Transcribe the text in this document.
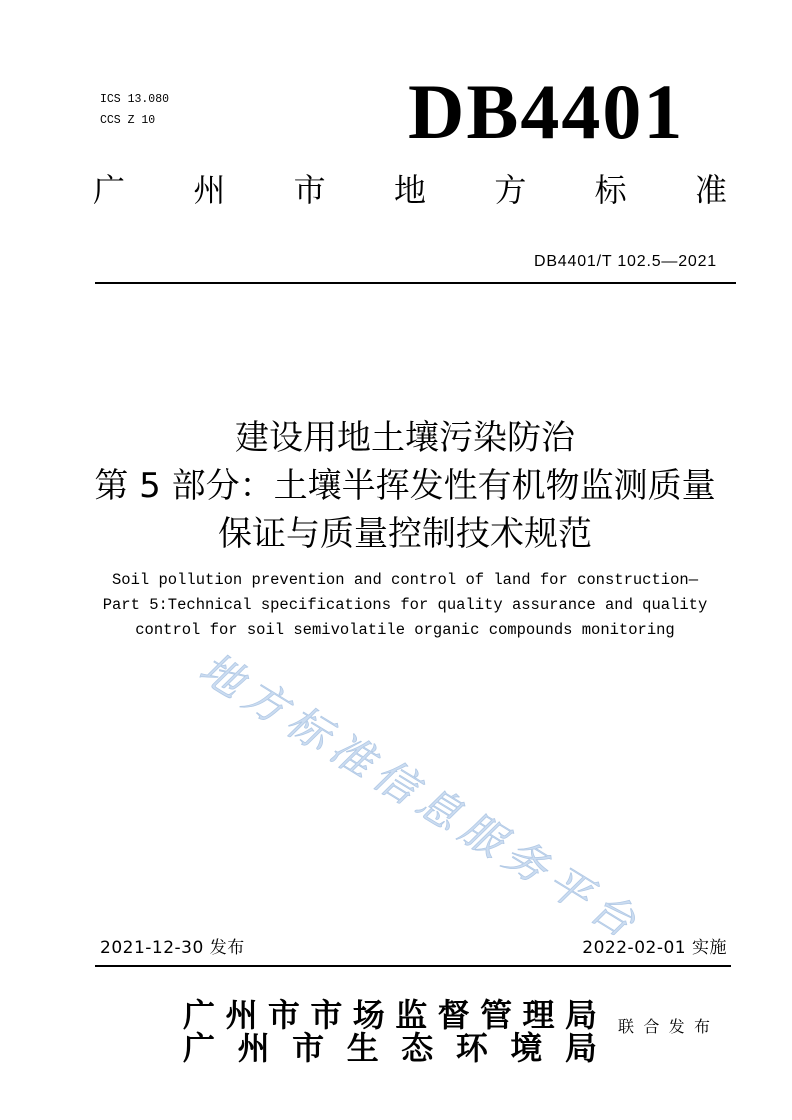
ICS 13.080
CCS Z 10	DB4401
广州市地方标准
DB4401/T 102.5—2021
建设用地土壤污染防治
第 5 部分：土壤半挥发性有机物监测质量
保证与质量控制技术规范
Soil pollution prevention and control of land for construction—
Part 5:Technical specifications for quality assurance and quality
control for soil semivolatile organic compounds monitoring
地方标准信息服务平台
2021-12-30 发布	2022-02-01 实施
广州市市场监督管理局
广州市生态环境局
联合发布
